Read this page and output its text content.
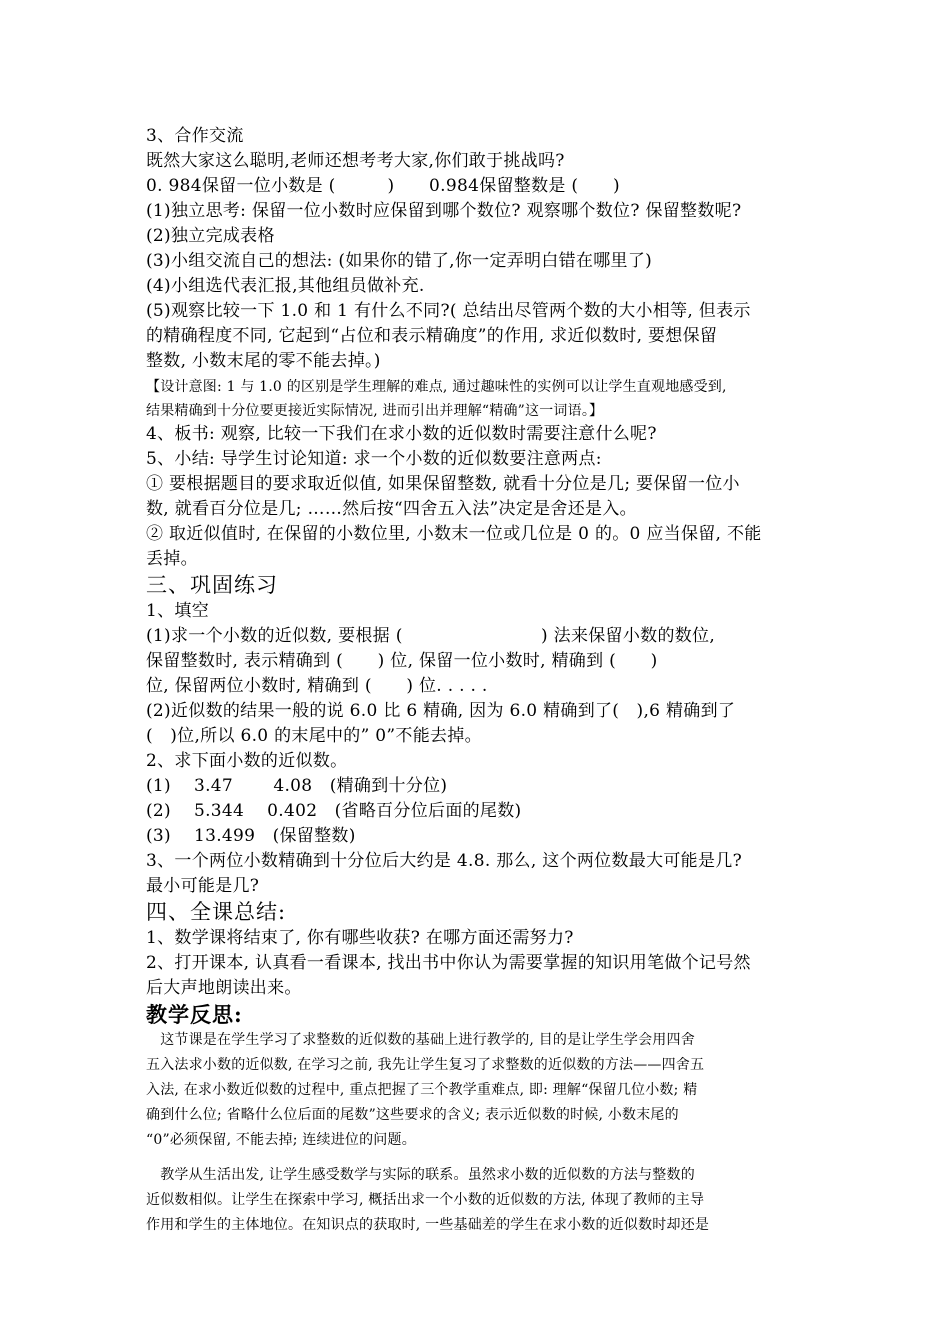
3、合作交流
既然大家这么聪明,老师还想考考大家,你们敢于挑战吗?
0. 984保留一位小数是 (　　　)　　0.984保留整数是 (　　)
(1)独立思考: 保留一位小数时应保留到哪个数位? 观察哪个数位? 保留整数呢?
(2)独立完成表格
(3)小组交流自己的想法: (如果你的错了,你一定弄明白错在哪里了)
(4)小组选代表汇报,其他组员做补充.
(5)观察比较一下 1.0 和 1 有什么不同?( 总结出尽管两个数的大小相等, 但表示
的精确程度不同, 它起到“占位和表示精确度”的作用, 求近似数时, 要想保留
整数, 小数末尾的零不能去掉。)
【设计意图: 1 与 1.0 的区别是学生理解的难点, 通过趣味性的实例可以让学生直观地感受到,
结果精确到十分位要更接近实际情况, 进而引出并理解“精确”这一词语。】
4、板书: 观察, 比较一下我们在求小数的近似数时需要注意什么呢?
5、小结: 导学生讨论知道: 求一个小数的近似数要注意两点:
① 要根据题目的要求取近似值, 如果保留整数, 就看十分位是几; 要保留一位小
数, 就看百分位是几; ……然后按“四舍五入法”决定是舍还是入。
② 取近似值时, 在保留的小数位里, 小数末一位或几位是 0 的。0 应当保留, 不能
丢掉。
三、巩固练习
1、填空
(1)求一个小数的近似数, 要根据 (　　　　　　　　) 法来保留小数的数位,
保留整数时, 表示精确到 (　　) 位, 保留一位小数时, 精确到 (　　)
位, 保留两位小数时, 精确到 (　　) 位. . . . .
(2)近似数的结果一般的说 6.0 比 6 精确, 因为 6.0 精确到了(　),6 精确到了
(　)位,所以 6.0 的末尾中的” 0”不能去掉。
2、求下面小数的近似数。
(1)　 3.47　　 4.08　(精确到十分位)
(2)　 5.344　 0.402　(省略百分位后面的尾数)
(3)　 13.499　(保留整数)
3、一个两位小数精确到十分位后大约是 4.8. 那么, 这个两位数最大可能是几?
最小可能是几?
四、全课总结:
1、数学课将结束了, 你有哪些收获? 在哪方面还需努力?
2、打开课本, 认真看一看课本, 找出书中你认为需要掌握的知识用笔做个记号然
后大声地朗读出来。
教学反思:
　这节课是在学生学习了求整数的近似数的基础上进行教学的, 目的是让学生学会用四舍
五入法求小数的近似数, 在学习之前, 我先让学生复习了求整数的近似数的方法——四舍五
入法, 在求小数近似数的过程中, 重点把握了三个教学重难点, 即: 理解“保留几位小数; 精
确到什么位; 省略什么位后面的尾数”这些要求的含义; 表示近似数的时候, 小数末尾的
“0”必须保留, 不能去掉; 连续进位的问题。
　教学从生活出发, 让学生感受数学与实际的联系。虽然求小数的近似数的方法与整数的
近似数相似。让学生在探索中学习, 概括出求一个小数的近似数的方法, 体现了教师的主导
作用和学生的主体地位。在知识点的获取时, 一些基础差的学生在求小数的近似数时却还是
